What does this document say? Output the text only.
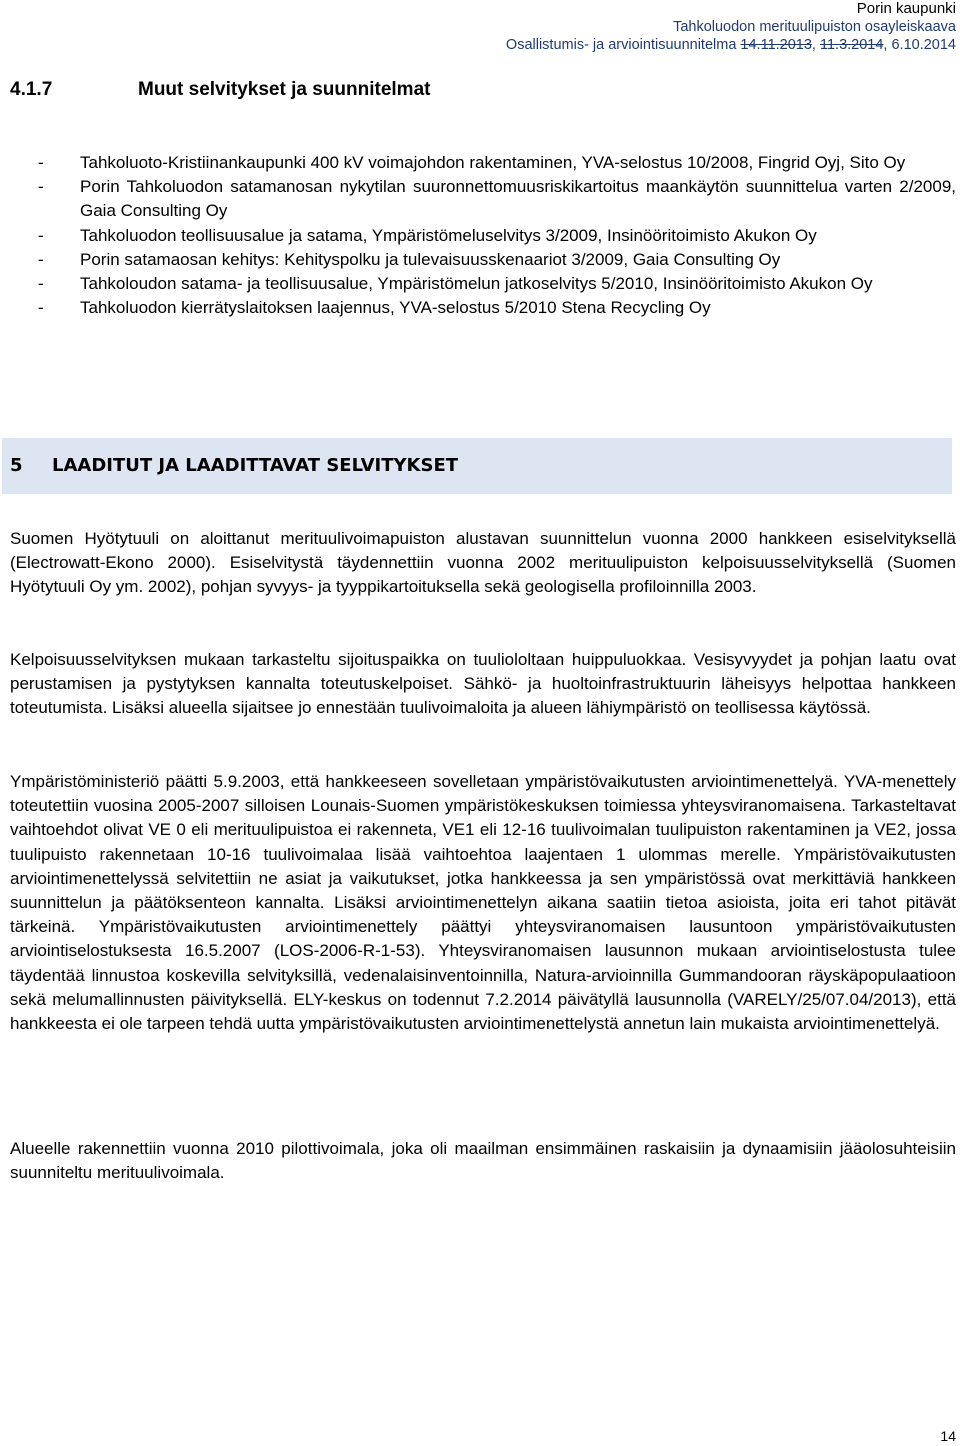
Porin kaupunki
Tahkoluodon merituulipuiston osayleiskaava
Osallistumis- ja arviointisuunnitelma 14.11.2013, 11.3.2014, 6.10.2014
4.1.7	Muut selvitykset ja suunnitelmat
- Tahkoluoto-Kristiinankaupunki 400 kV voimajohdon rakentaminen, YVA-selostus 10/2008, Fingrid Oyj, Sito Oy
- Porin Tahkoluodon satamanosan nykytilan suuronnettomuusriskikartoitus maankäytön suunnittelua varten 2/2009, Gaia Consulting Oy
- Tahkoluodon teollisuusalue ja satama, Ympäristömeluselvitys 3/2009, Insinööritoimisto Akukon Oy
- Porin satamaosan kehitys: Kehityspolku ja tulevaisuusskenaariot 3/2009, Gaia Consulting Oy
- Tahkoloudon satama- ja teollisuusalue, Ympäristömelun jatkoselvitys 5/2010, Insinööritoimisto Akukon Oy
- Tahkoluodon kierrätyslaitoksen laajennus, YVA-selostus 5/2010 Stena Recycling Oy
5 LAADITUT JA LAADITTAVAT SELVITYKSET

Suomen Hyötytuuli on aloittanut merituulivoimapuiston alustavan suunnittelun vuonna 2000 hankkeen esiselvityksellä (Electrowatt-Ekono 2000). Esiselvitystä täydennettiin vuonna 2002 merituulipuiston kelpoisuusselvityksellä (Suomen Hyötytuuli Oy ym. 2002), pohjan syvyys- ja tyyppikartoituksella sekä geologisella profiloinnilla 2003.

Kelpoisuusselvityksen mukaan tarkasteltu sijoituspaikka on tuuliololtaan huippuluokkaa. Vesisyvyydet ja pohjan laatu ovat perustamisen ja pystytyksen kannalta toteutuskelpoiset. Sähkö- ja huoltoinfrastruktuurin läheisyys helpottaa hankkeen toteutumista. Lisäksi alueella sijaitsee jo ennestään tuulivoimaloita ja alueen lähiympäristö on teollisessa käytössä.

Ympäristöministeriö päätti 5.9.2003, että hankkeeseen sovelletaan ympäristövaikutusten arviointimenettelyä. YVA-menettely toteutettiin vuosina 2005-2007 silloisen Lounais-Suomen ympäristökeskuksen toimiessa yhteysviranomaisena. Tarkasteltavat vaihtoehdot olivat VE 0 eli merituulipuistoa ei rakenneta, VE1 eli 12-16 tuulivoimalan tuulipuiston rakentaminen ja VE2, jossa tuulipuisto rakennetaan 10-16 tuulivoimalaa lisää vaihtoehtoa laajentaen 1 ulommas merelle. Ympäristövaikutusten arviointimenettelyssä selvitettiin ne asiat ja vaikutukset, jotka hankkeessa ja sen ympäristössä ovat merkittäviä hankkeen suunnittelun ja päätöksenteon kannalta. Lisäksi arviointimenettelyn aikana saatiin tietoa asioista, joita eri tahot pitävät tärkeinä. Ympäristövaikutusten arviointimenettely päättyi yhteysviranomaisen lausuntoon ympäristövaikutusten arviointiselostuksesta 16.5.2007 (LOS-2006-R-1-53). Yhteysviranomaisen lausunnon mukaan arviointiselostusta tulee täydentää linnustoa koskevilla selvityksillä, vedenalaisinventoinnilla, Natura-arvioinnilla Gummandooran räyskäpopulaatioon sekä melumallinnusten päivityksellä. ELY-keskus on todennut 7.2.2014 päivätyllä lausunnolla (VARELY/25/07.04/2013), että hankkeesta ei ole tarpeen tehdä uutta ympäristövaikutusten arviointimenettelystä annetun lain mukaista arviointimenettelyä.

Alueelle rakennettiin vuonna 2010 pilottivoimala, joka oli maailman ensimmäinen raskaisiin ja dynaamisiin jääolosuhteisiin suunniteltu merituulivoimala.

14
